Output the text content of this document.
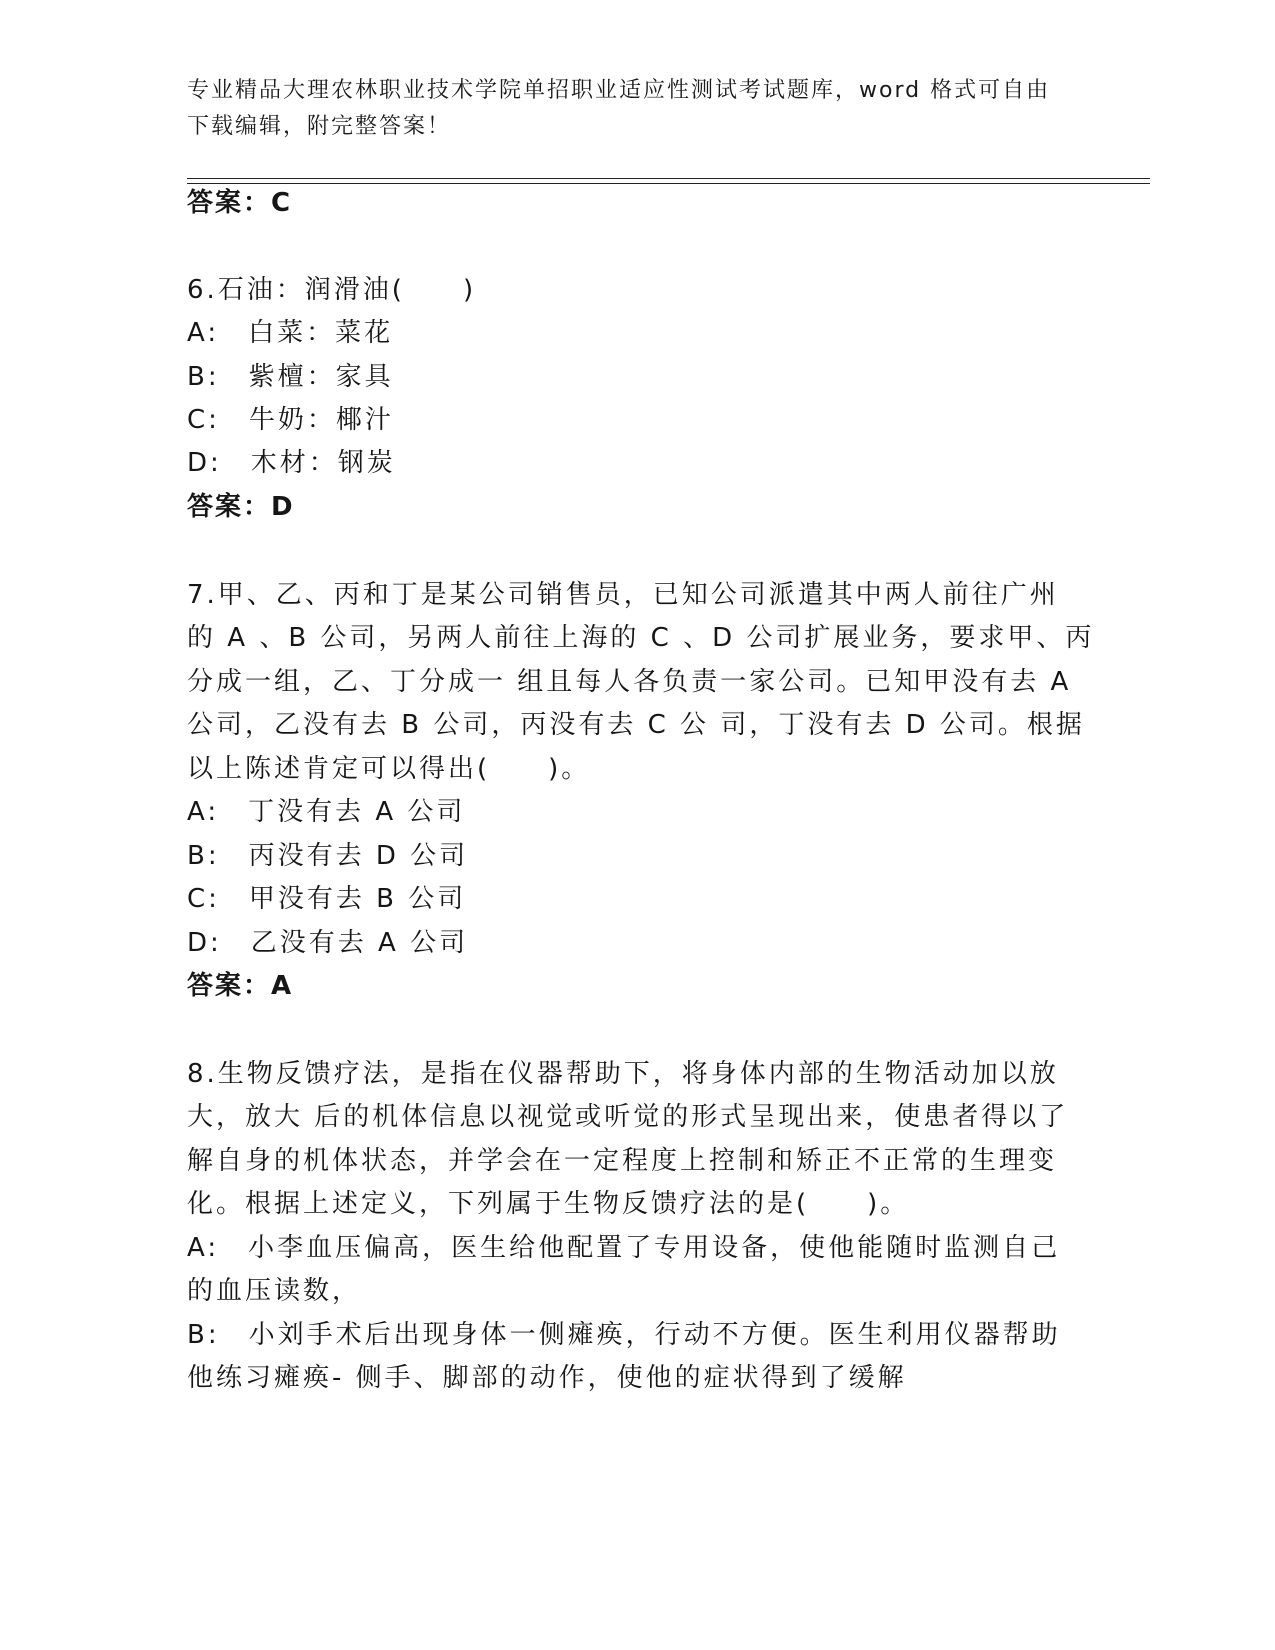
专业精品大理农林职业技术学院单招职业适应性测试考试题库，word 格式可自由
下载编辑，附完整答案！
答案：C
6.石油：润滑油(　　)
A:　白菜：菜花
B:　紫檀：家具
C:　牛奶：椰汁
D:　木材：钢炭
答案：D
7.甲、乙、丙和丁是某公司销售员，已知公司派遣其中两人前往广州
的 A 、B 公司，另两人前往上海的 C 、D 公司扩展业务，要求甲、丙
分成一组，乙、丁分成一 组且每人各负责一家公司。已知甲没有去 A
公司，乙没有去 B 公司，丙没有去 C 公 司，丁没有去 D 公司。根据
以上陈述肯定可以得出(　　)。
A:　丁没有去 A 公司
B:　丙没有去 D 公司
C:　甲没有去 B 公司
D:　乙没有去 A 公司
答案：A
8.生物反馈疗法，是指在仪器帮助下，将身体内部的生物活动加以放
大，放大 后的机体信息以视觉或听觉的形式呈现出来，使患者得以了
解自身的机体状态，并学会在一定程度上控制和矫正不正常的生理变
化。根据上述定义，下列属于生物反馈疗法的是(　　)。
A:　小李血压偏高，医生给他配置了专用设备，使他能随时监测自己
的血压读数，
B:　小刘手术后出现身体一侧瘫痪，行动不方便。医生利用仪器帮助
他练习瘫痪- 侧手、脚部的动作，使他的症状得到了缓解
